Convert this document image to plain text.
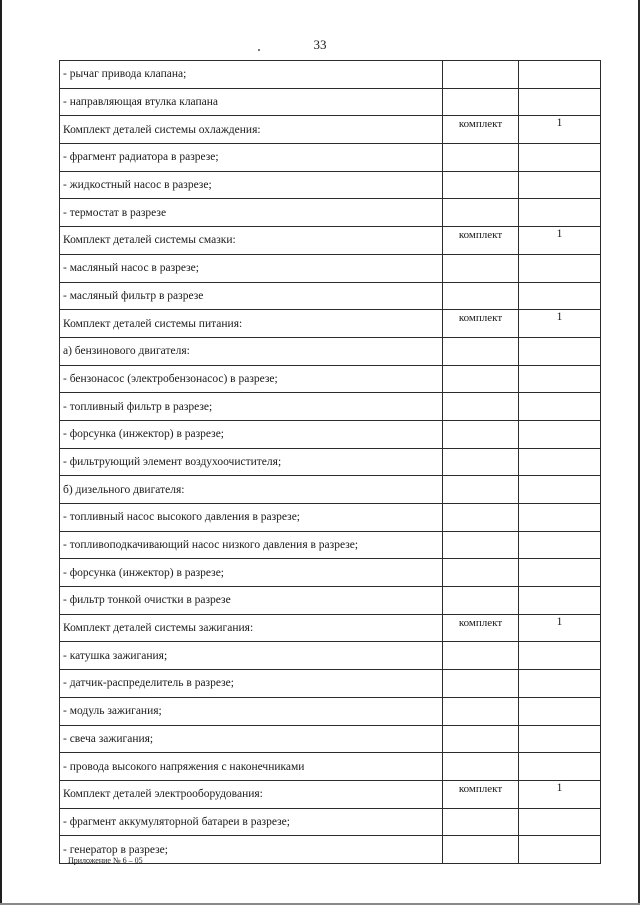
33
- рычаг привода клапана;		
- направляющая втулка клапана		
Комплект деталей системы охлаждения:	комплект	1
- фрагмент радиатора в разрезе;		
- жидкостный насос в разрезе;		
- термостат в разрезе		
Комплект деталей системы смазки:	комплект	1
- масляный насос в разрезе;		
- масляный фильтр в разрезе		
Комплект деталей системы питания:	комплект	1
а) бензинового двигателя:		
- бензонасос (электробензонасос) в разрезе;		
- топливный фильтр в разрезе;		
- форсунка (инжектор) в разрезе;		
- фильтрующий элемент воздухоочистителя;		
б) дизельного двигателя:		
- топливный насос высокого давления в разрезе;		
- топливоподкачивающий насос низкого давления в разрезе;		
- форсунка (инжектор) в разрезе;		
- фильтр тонкой очистки в разрезе		
Комплект деталей системы зажигания:	комплект	1
- катушка зажигания;		
- датчик-распределитель в разрезе;		
- модуль зажигания;		
- свеча зажигания;		
- провода высокого напряжения с наконечниками		
Комплект деталей электрооборудования:	комплект	1
- фрагмент аккумуляторной батареи в разрезе;		
- генератор в разрезе;		
Приложение № 6 – 05
